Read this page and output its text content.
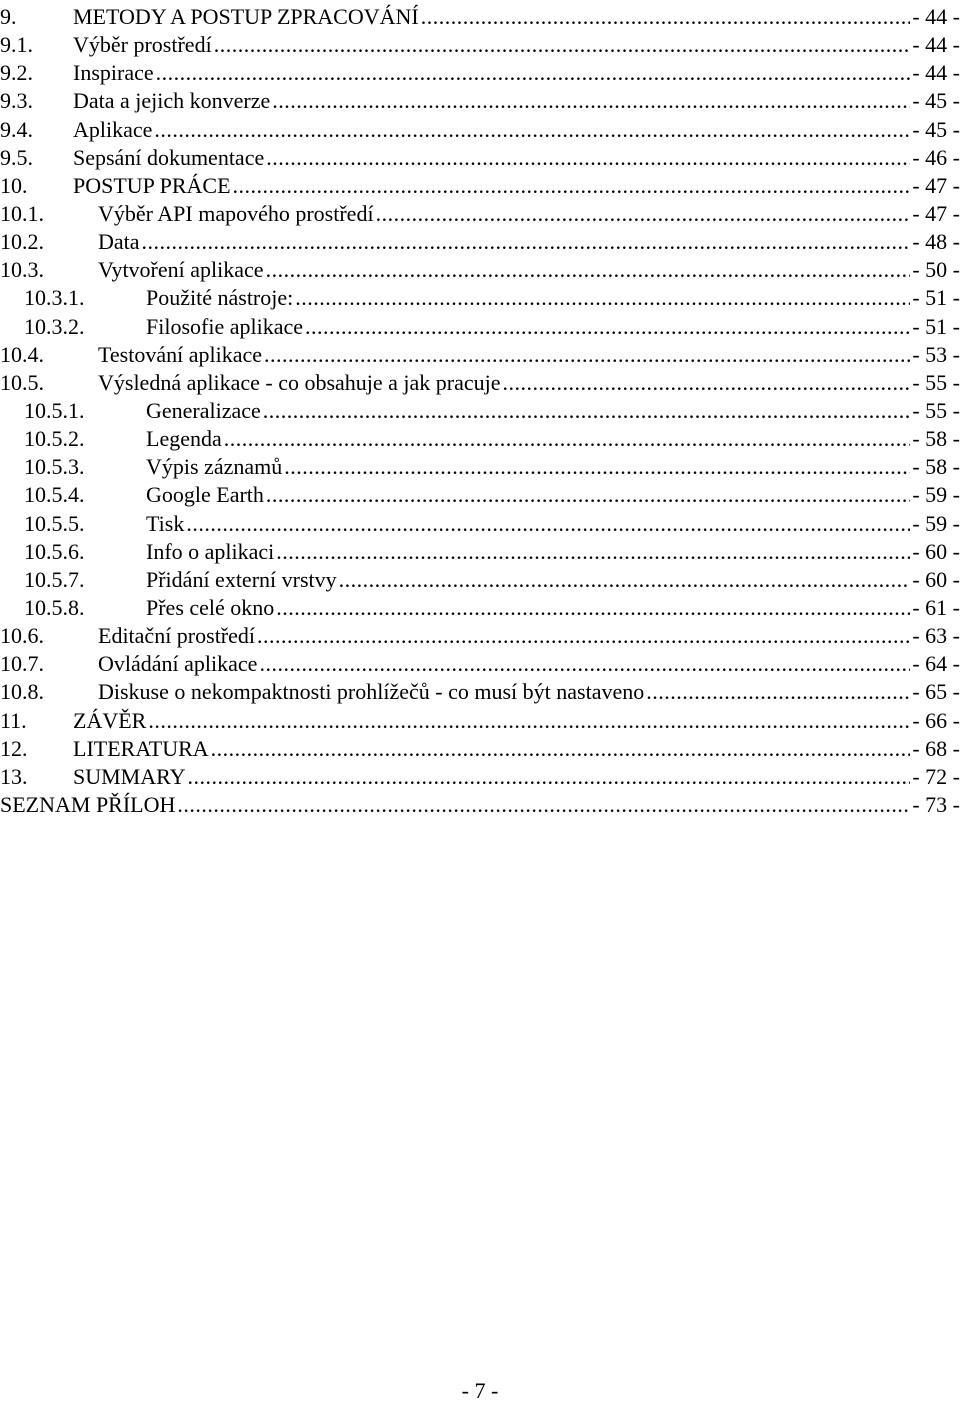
9.	METODY A POSTUP ZPRACOVÁNÍ .....	- 44 -
9.1. Výběr prostředí .....	- 44 -
9.2. Inspirace .....	- 44 -
9.3. Data a jejich konverze .....	- 45 -
9.4. Aplikace .....	- 45 -
9.5. Sepsání dokumentace .....	- 46 -
10. POSTUP PRÁCE .....	- 47 -
10.1. Výběr API mapového prostředí .....	- 47 -
10.2. Data .....	- 48 -
10.3. Vytvoření aplikace .....	- 50 -
10.3.1.	Použité nástroje: .....	- 51 -
10.3.2.	Filosofie aplikace .....	- 51 -
10.4. Testování aplikace .....	- 53 -
10.5. Výsledná aplikace - co obsahuje a jak pracuje .....	- 55 -
10.5.1.	Generalizace .....	- 55 -
10.5.2.	Legenda .....	- 58 -
10.5.3.	Výpis záznamů .....	- 58 -
10.5.4.	Google Earth .....	- 59 -
10.5.5.	Tisk .....	- 59 -
10.5.6.	Info o aplikaci .....	- 60 -
10.5.7.	Přidání externí vrstvy .....	- 60 -
10.5.8.	Přes celé okno .....	- 61 -
10.6. Editační prostředí .....	- 63 -
10.7. Ovládání aplikace .....	- 64 -
10.8. Diskuse o nekompaktnosti prohlížečů - co musí být nastaveno .....	- 65 -
11. ZÁVĚR .....	- 66 -
12. LITERATURA .....	- 68 -
13. SUMMARY .....	- 72 -
SEZNAM PŘÍLOH .....	- 73 -
- 7 -
